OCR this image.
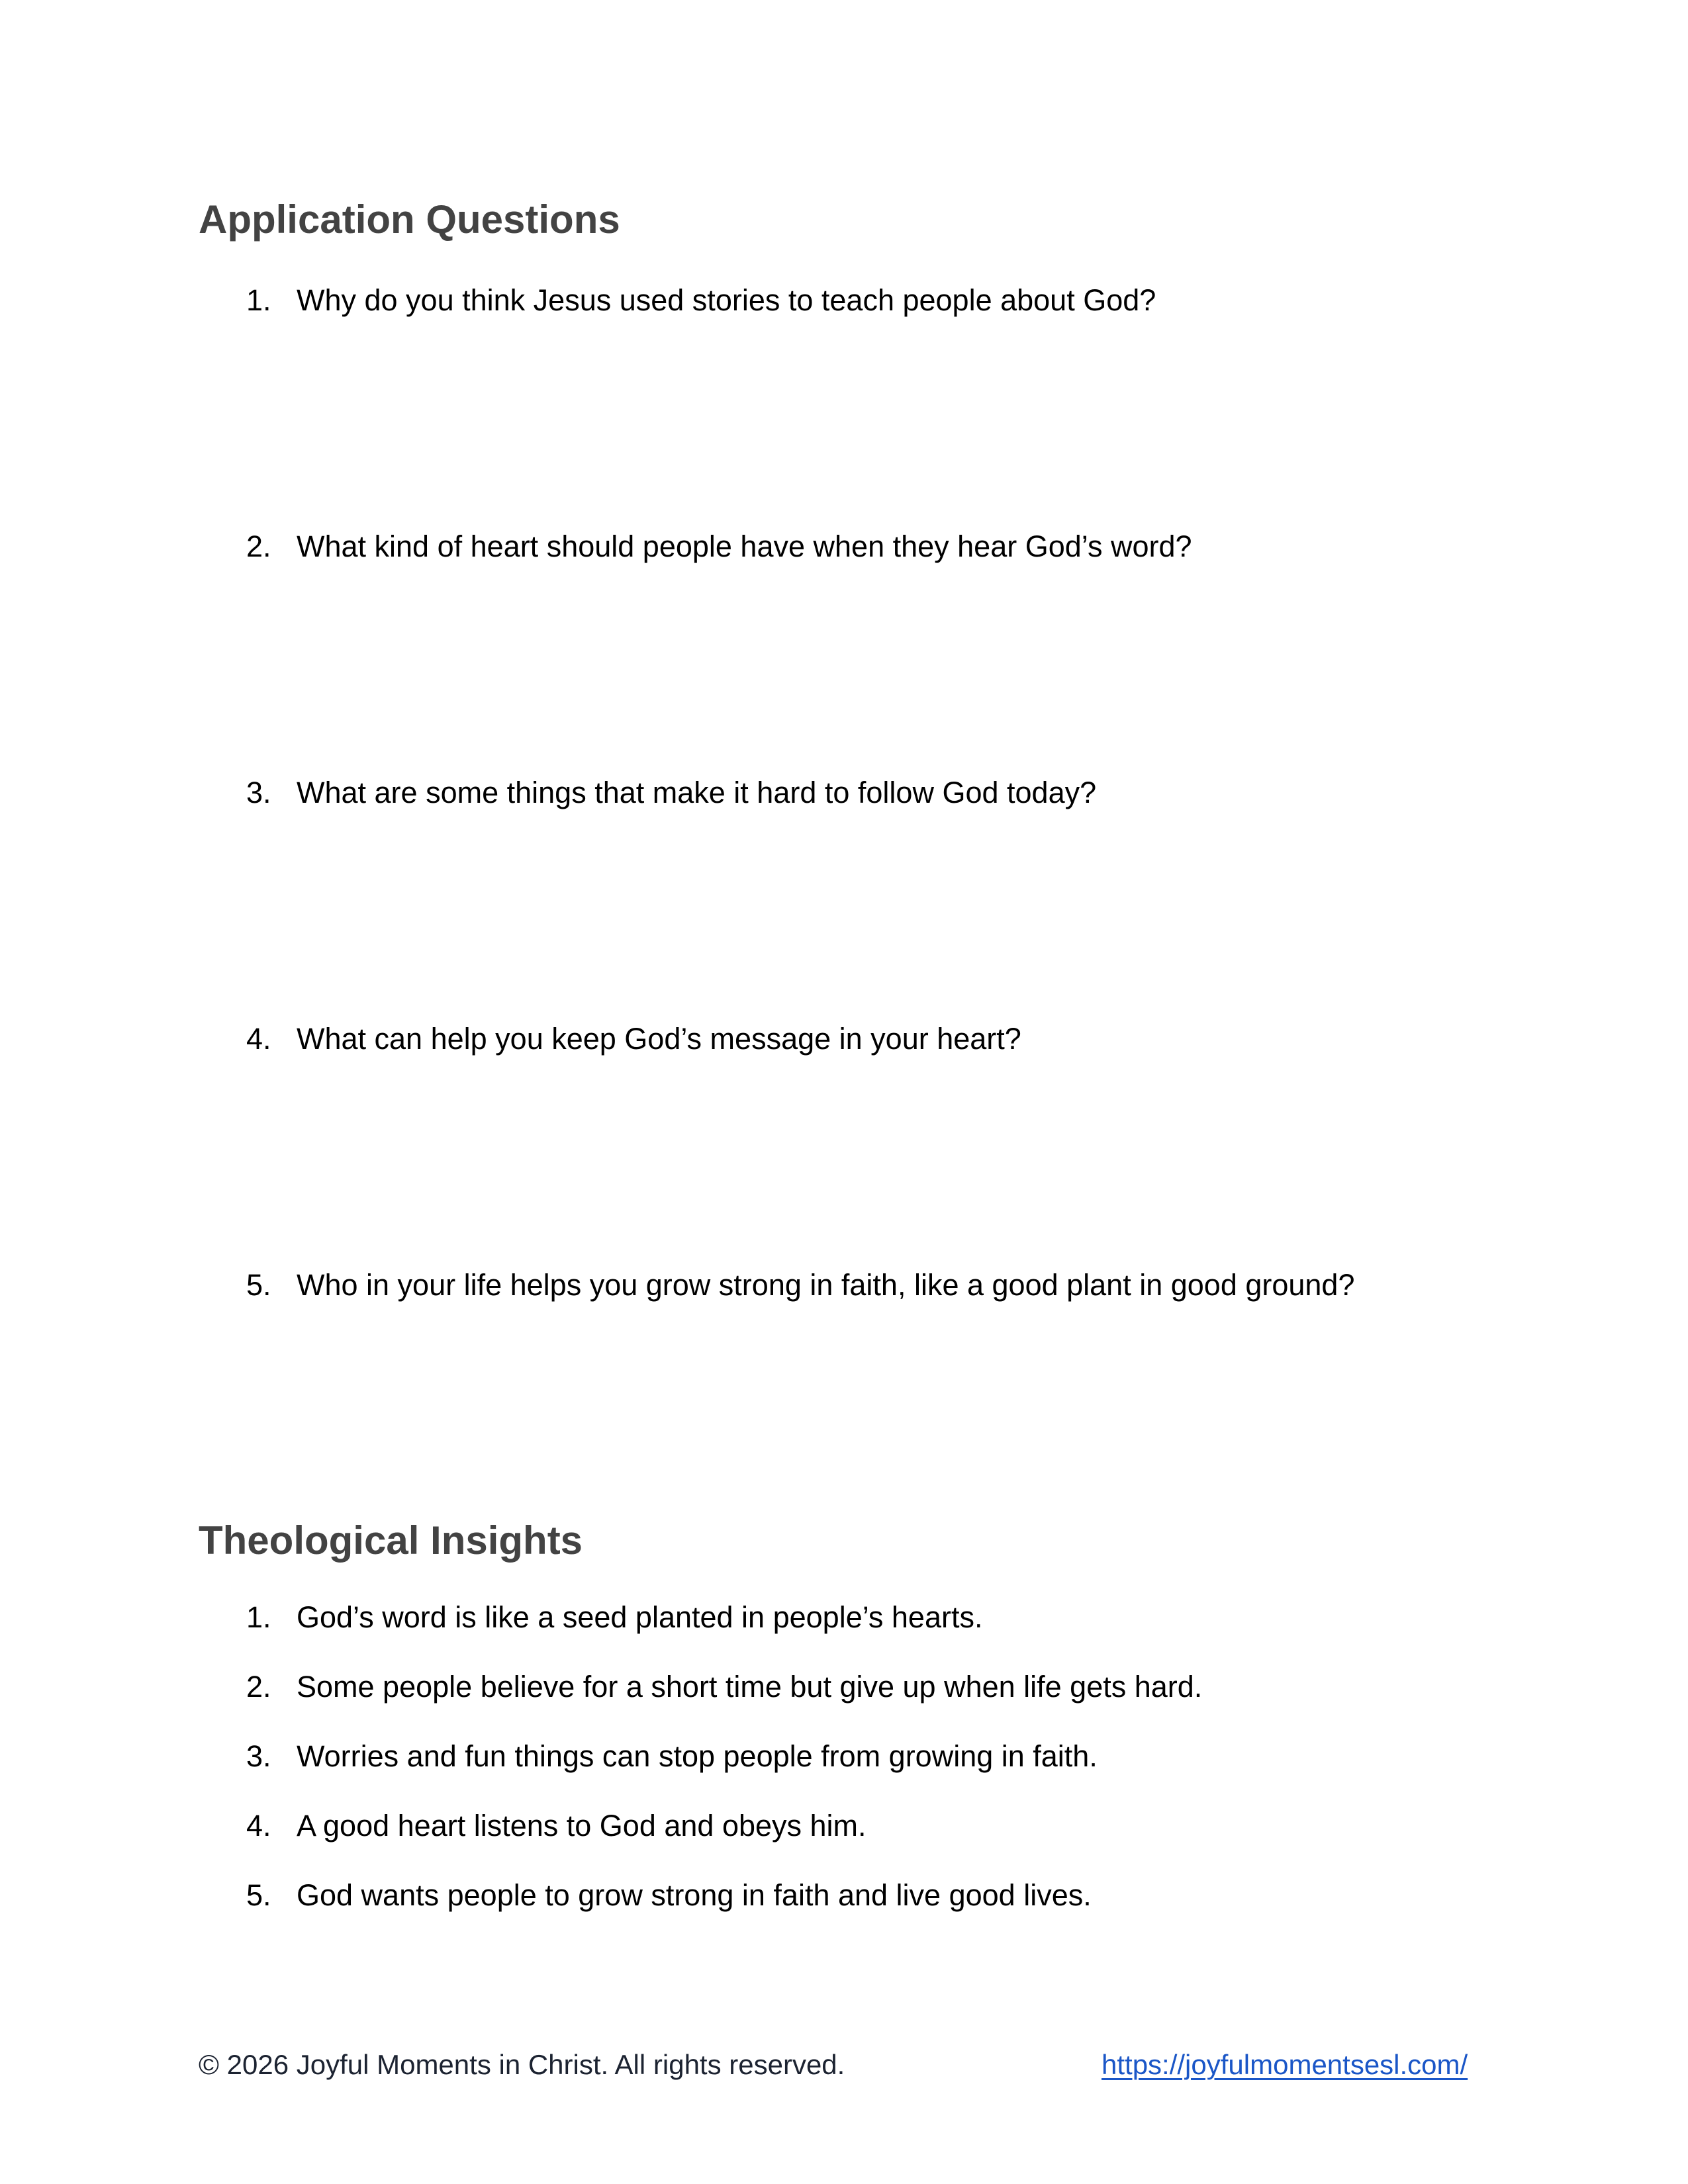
Application Questions
1. Why do you think Jesus used stories to teach people about God?
2. What kind of heart should people have when they hear God’s word?
3. What are some things that make it hard to follow God today?
4. What can help you keep God’s message in your heart?
5. Who in your life helps you grow strong in faith, like a good plant in good ground?
Theological Insights
1. God’s word is like a seed planted in people’s hearts.
2. Some people believe for a short time but give up when life gets hard.
3. Worries and fun things can stop people from growing in faith.
4. A good heart listens to God and obeys him.
5. God wants people to grow strong in faith and live good lives.
© 2026 Joyful Moments in Christ. All rights reserved.	https://joyfulmomentsesl.com/
